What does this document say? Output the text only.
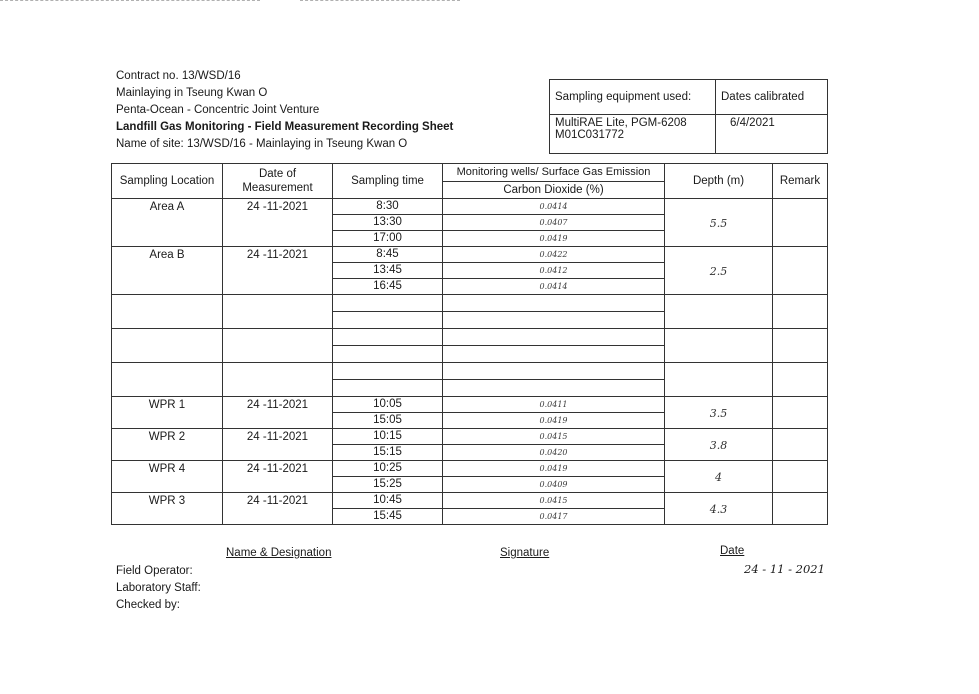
Contract no. 13/WSD/16
Mainlaying in Tseung Kwan O
Penta-Ocean - Concentric Joint Venture
Landfill Gas Monitoring - Field Measurement Recording Sheet
Name of site: 13/WSD/16 - Mainlaying in Tseung Kwan O
Sampling equipment used:	Dates calibrated

MultiRAE Lite, PGM-6208
M01C031772	6/4/2021
Sampling Location	Date of Measurement	Sampling time	Monitoring wells/ Surface Gas Emission	Depth (m)	Remark
			Carbon Dioxide (%)		
Area A	24 -11-2021	8:30	0.0414	5.5	
		13:30	0.0407		
		17:00	0.0419		
Area B	24 -11-2021	8:45	0.0422	2.5	
		13:45	0.0412		
		16:45	0.0414		

WPR 1	24 -11-2021	10:05	0.0411	3.5	
		15:05	0.0419		
WPR 2	24 -11-2021	10:15	0.0415	3.8	
		15:15	0.0420		
WPR 4	24 -11-2021	10:25	0.0419	4	
		15:25	0.0409		
WPR 3	24 -11-2021	10:45	0.0415	4.3	
		15:45	0.0417		
Name & Designation	Signature	Date
24 - 11 - 2021
Field Operator:
Laboratory Staff:
Checked by:
